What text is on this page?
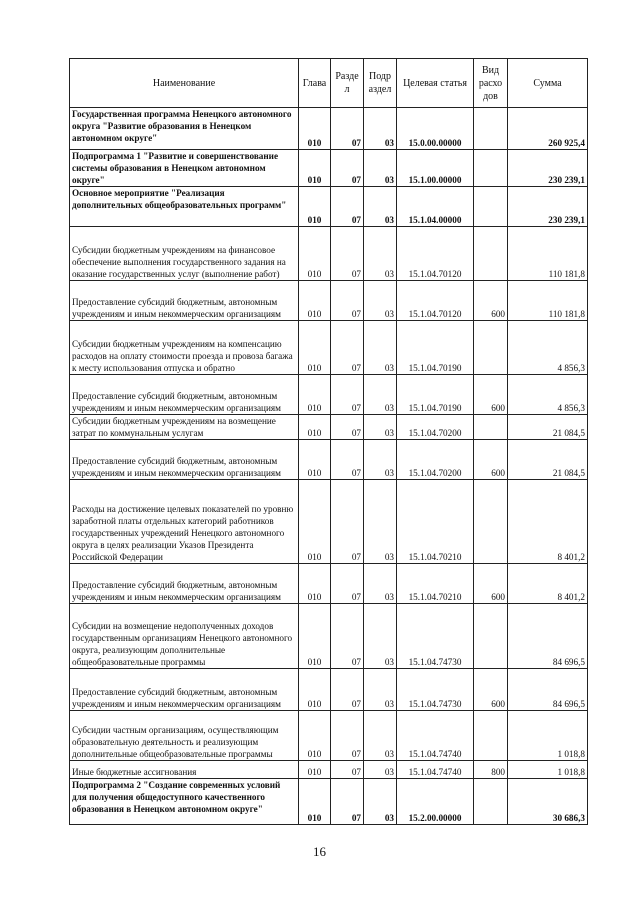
Наименование	Глава	Разде л	Подр аздел	Целевая статья	Вид расхо дов	Сумма
Государственная программа Ненецкого автономного округа "Развитие образования в Ненецком автономном округе"	010	07	03	15.0.00.00000		260 925,4
Подпрограмма 1 "Развитие и совершенствование системы образования в Ненецком автономном округе"	010	07	03	15.1.00.00000		230 239,1
Основное мероприятие "Реализация дополнительных общеобразовательных программ"	010	07	03	15.1.04.00000		230 239,1
Субсидии бюджетным учреждениям на финансовое обеспечение выполнения государственного задания на оказание государственных услуг (выполнение работ)	010	07	03	15.1.04.70120		110 181,8
Предоставление субсидий бюджетным, автономным учреждениям и иным некоммерческим организациям	010	07	03	15.1.04.70120	600	110 181,8
Субсидии бюджетным учреждениям на компенсацию расходов на оплату стоимости проезда и провоза багажа к месту использования отпуска и обратно	010	07	03	15.1.04.70190		4 856,3
Предоставление субсидий бюджетным, автономным учреждениям и иным некоммерческим организациям	010	07	03	15.1.04.70190	600	4 856,3
Субсидии бюджетным учреждениям на возмещение затрат по коммунальным услугам	010	07	03	15.1.04.70200		21 084,5
Предоставление субсидий бюджетным, автономным учреждениям и иным некоммерческим организациям	010	07	03	15.1.04.70200	600	21 084,5
Расходы на достижение целевых показателей по уровню заработной платы отдельных категорий работников государственных учреждений Ненецкого автономного округа в целях реализации Указов Президента Российской Федерации	010	07	03	15.1.04.70210		8 401,2
Предоставление субсидий бюджетным, автономным учреждениям и иным некоммерческим организациям	010	07	03	15.1.04.70210	600	8 401,2
Субсидии на возмещение недополученных доходов государственным организациям Ненецкого автономного округа, реализующим дополнительные общеобразовательные программы	010	07	03	15.1.04.74730		84 696,5
Предоставление субсидий бюджетным, автономным учреждениям и иным некоммерческим организациям	010	07	03	15.1.04.74730	600	84 696,5
Субсидии частным организациям, осуществляющим образовательную деятельность и реализующим дополнительные общеобразовательные программы	010	07	03	15.1.04.74740		1 018,8
Иные бюджетные ассигнования	010	07	03	15.1.04.74740	800	1 018,8
Подпрограмма 2 "Создание современных условий для получения общедоступного качественного образования в Ненецком автономном округе"	010	07	03	15.2.00.00000		30 686,3
16
